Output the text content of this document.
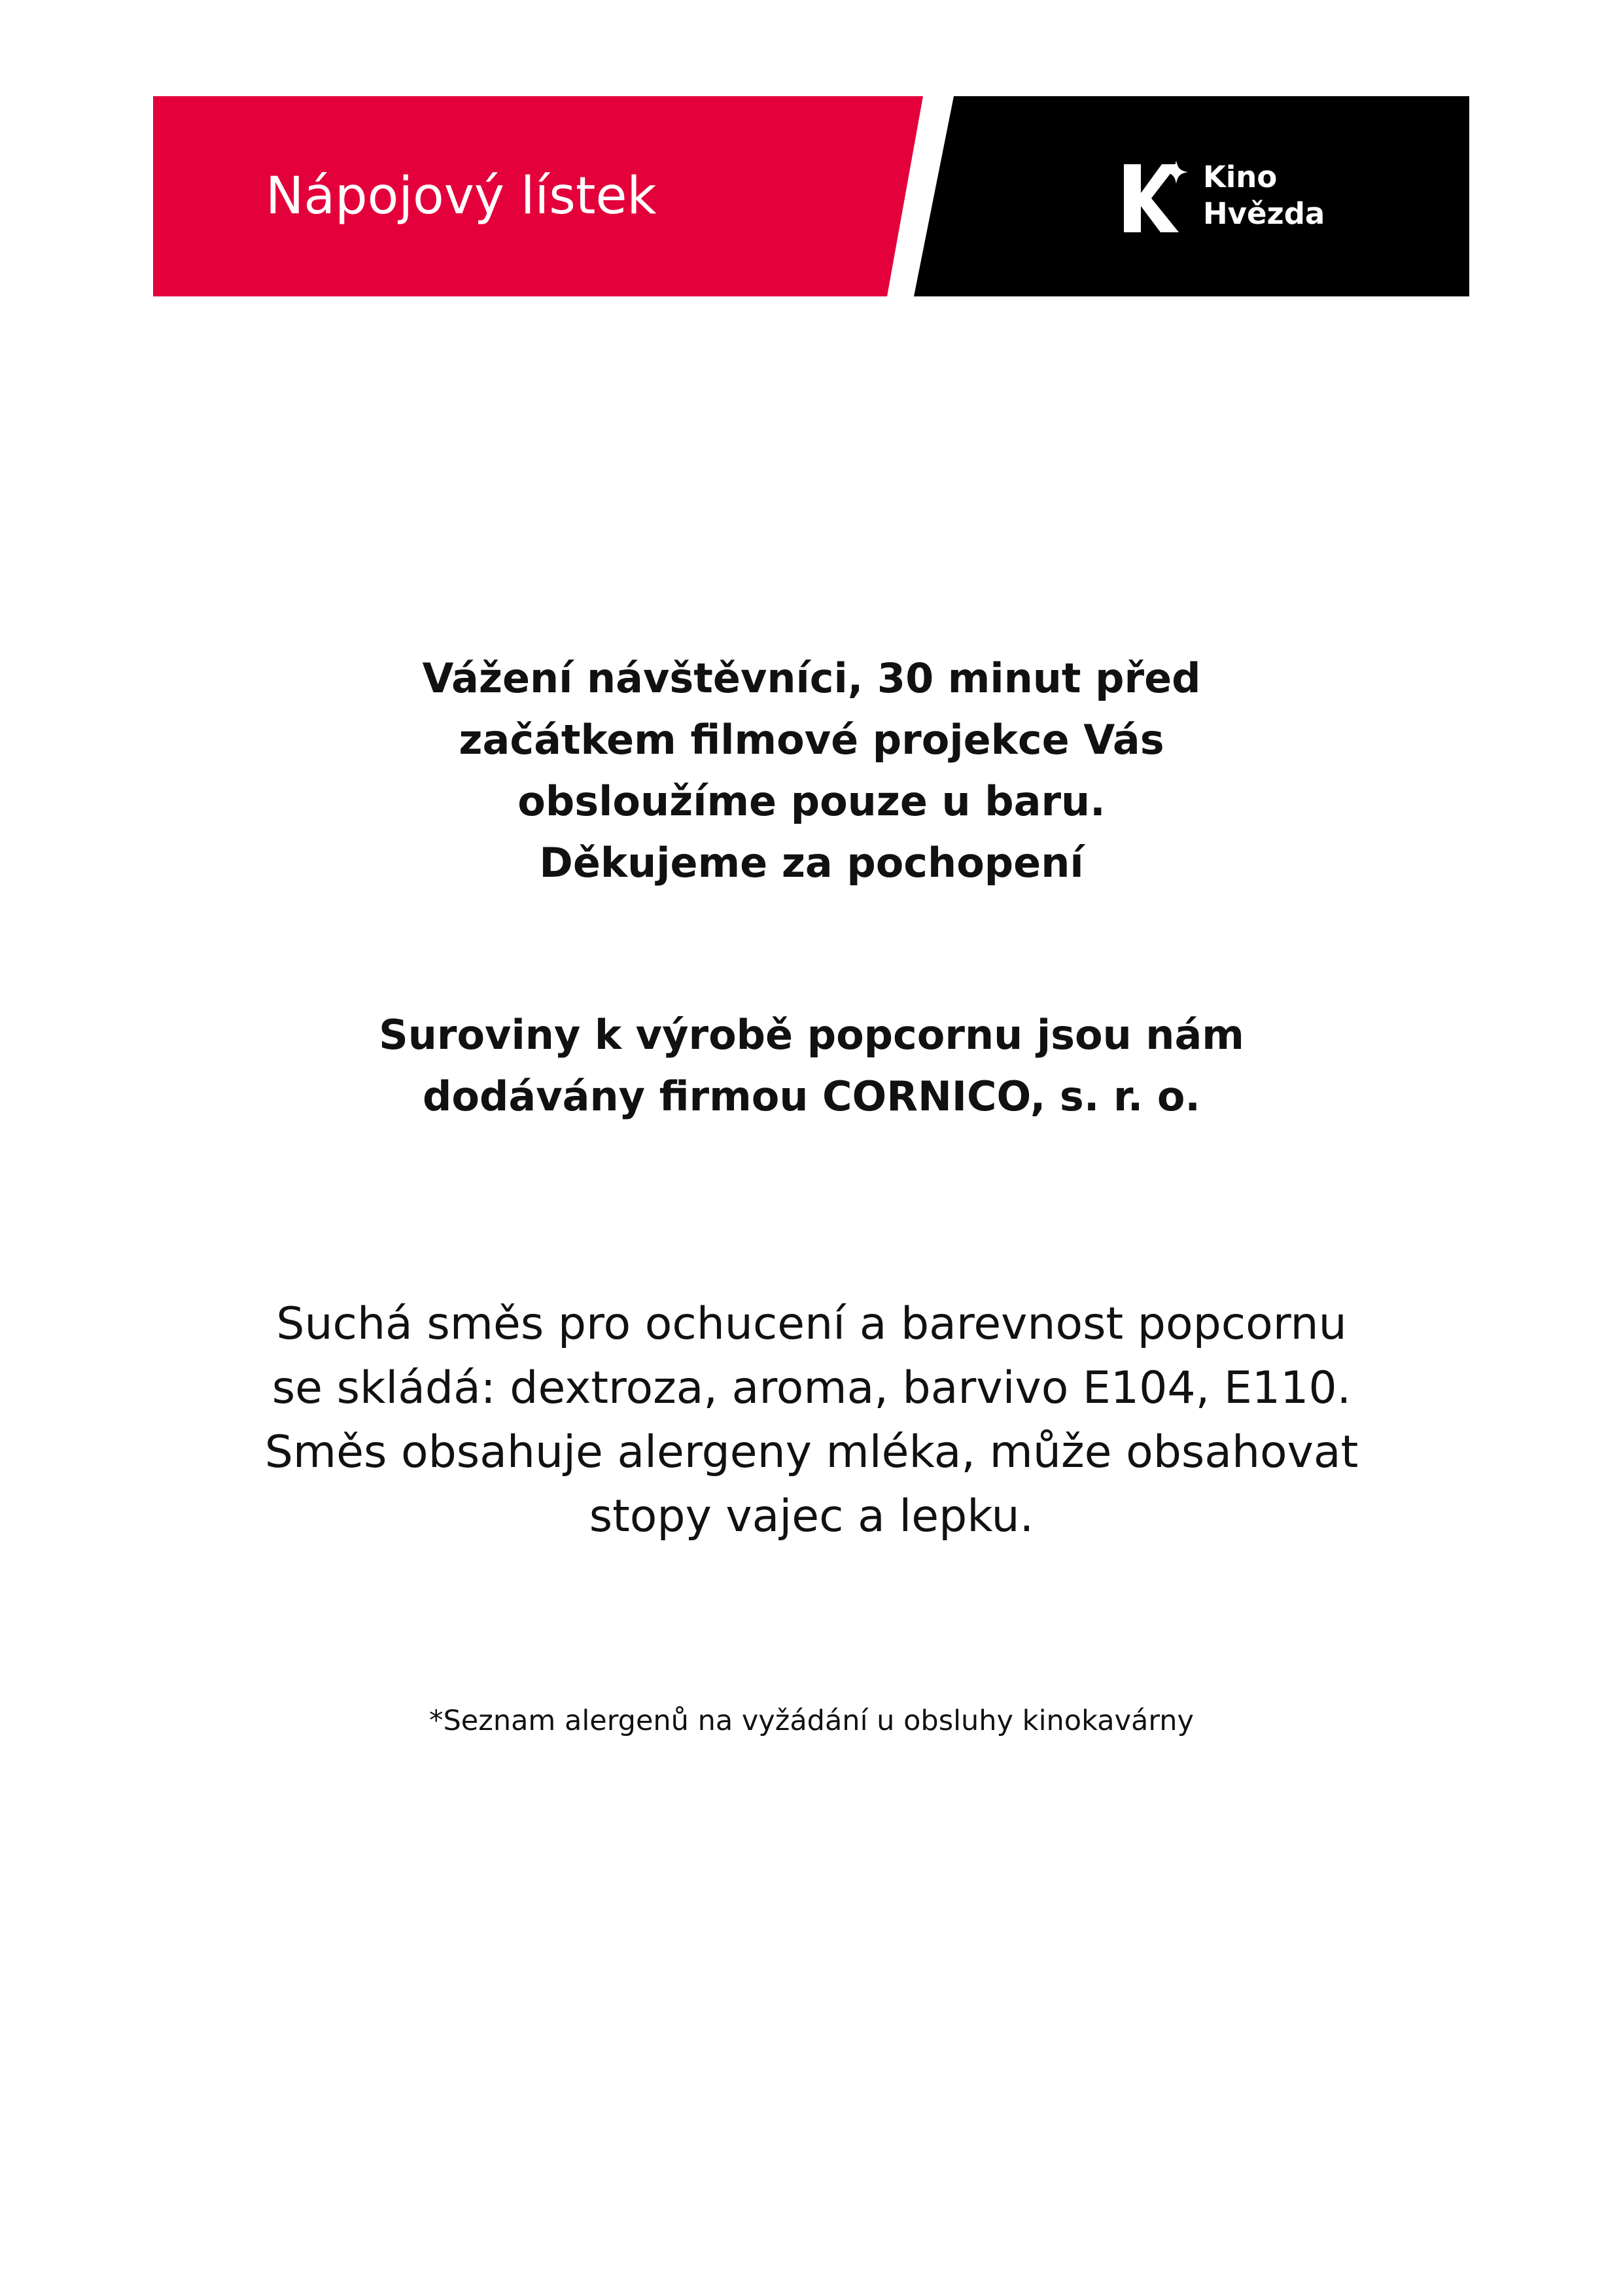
Nápojový lístek	Kino
Hvězda
Vážení návštěvníci, 30 minut před
začátkem filmové projekce Vás
obsloužíme pouze u baru.
Děkujeme za pochopení
Suroviny k výrobě popcornu jsou nám
dodávány firmou CORNICO, s. r. o.
Suchá směs pro ochucení a barevnost popcornu
se skládá: dextroza, aroma, barvivo E104, E110.
Směs obsahuje alergeny mléka, může obsahovat
stopy vajec a lepku.
*Seznam alergenů na vyžádání u obsluhy kinokavárny
